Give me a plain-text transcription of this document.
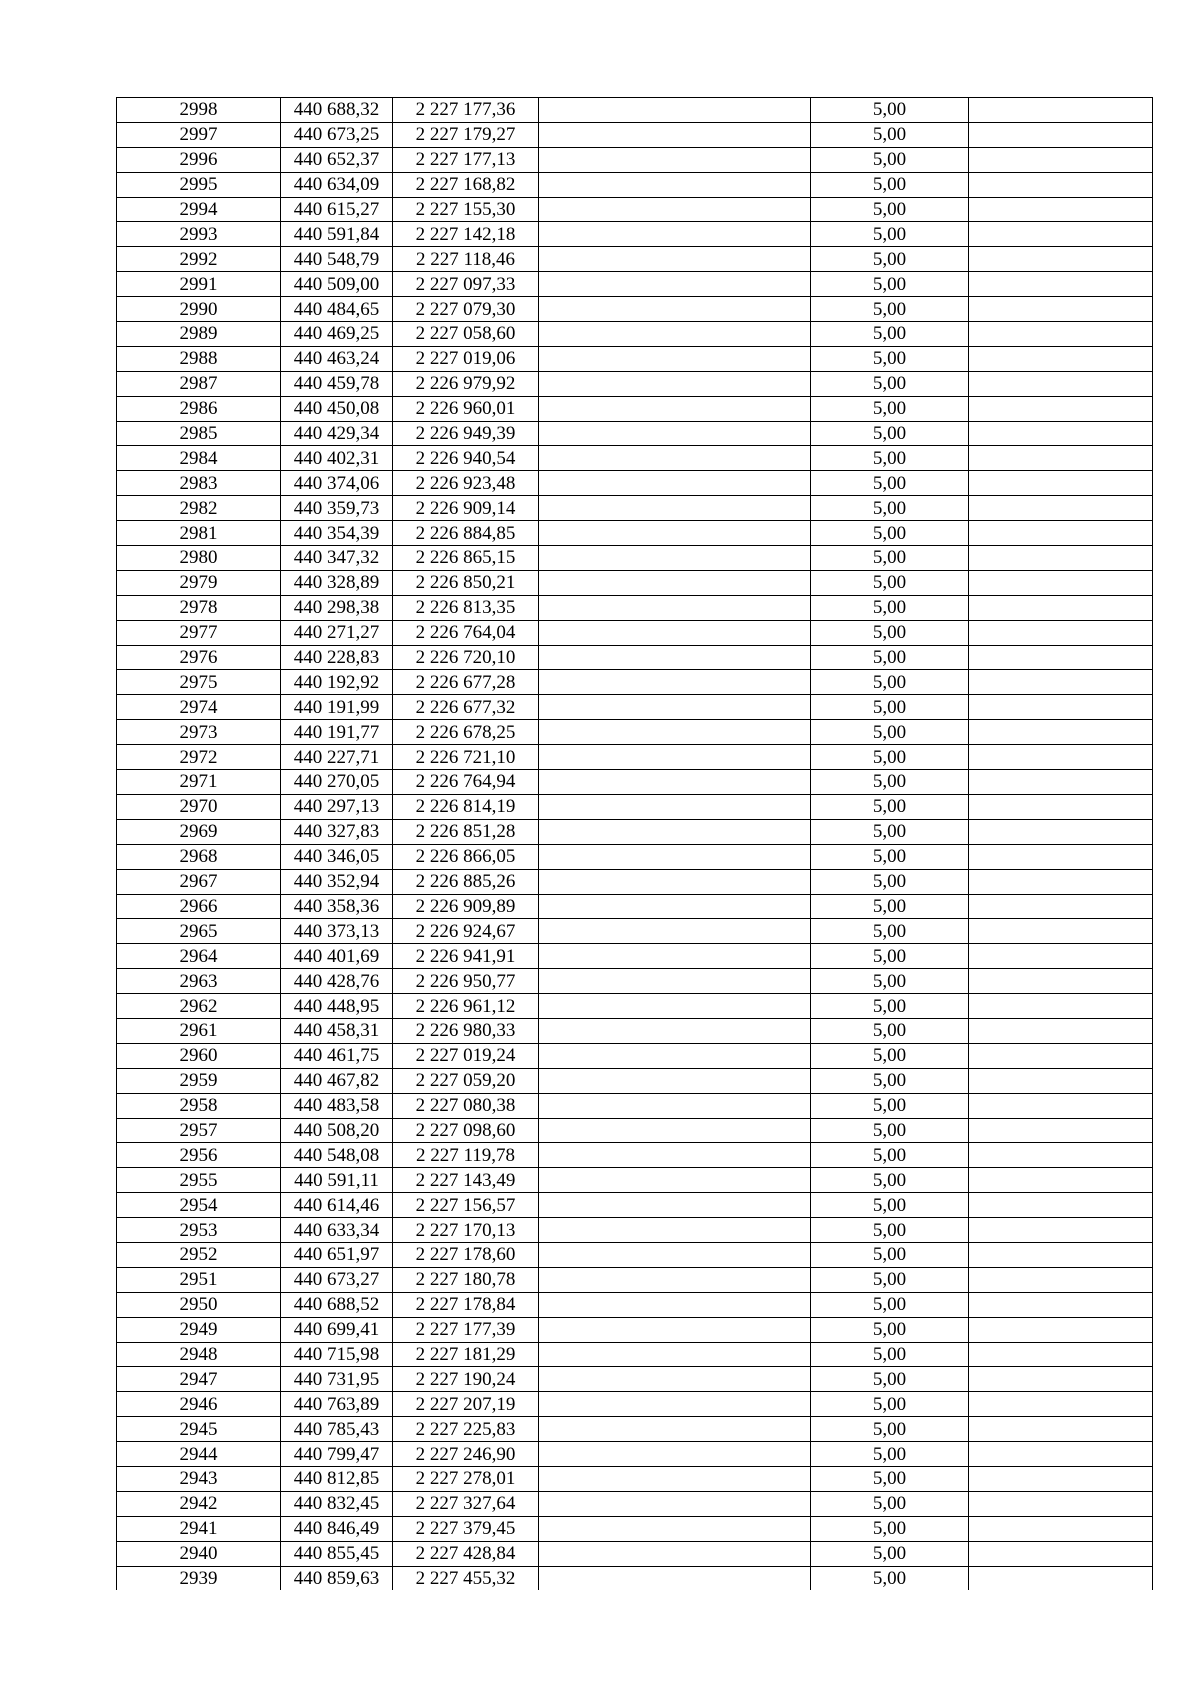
2998	440 688,32	2 227 177,36		5,00	
2997	440 673,25	2 227 179,27		5,00	
2996	440 652,37	2 227 177,13		5,00	
2995	440 634,09	2 227 168,82		5,00	
2994	440 615,27	2 227 155,30		5,00	
2993	440 591,84	2 227 142,18		5,00	
2992	440 548,79	2 227 118,46		5,00	
2991	440 509,00	2 227 097,33		5,00	
2990	440 484,65	2 227 079,30		5,00	
2989	440 469,25	2 227 058,60		5,00	
2988	440 463,24	2 227 019,06		5,00	
2987	440 459,78	2 226 979,92		5,00	
2986	440 450,08	2 226 960,01		5,00	
2985	440 429,34	2 226 949,39		5,00	
2984	440 402,31	2 226 940,54		5,00	
2983	440 374,06	2 226 923,48		5,00	
2982	440 359,73	2 226 909,14		5,00	
2981	440 354,39	2 226 884,85		5,00	
2980	440 347,32	2 226 865,15		5,00	
2979	440 328,89	2 226 850,21		5,00	
2978	440 298,38	2 226 813,35		5,00	
2977	440 271,27	2 226 764,04		5,00	
2976	440 228,83	2 226 720,10		5,00	
2975	440 192,92	2 226 677,28		5,00	
2974	440 191,99	2 226 677,32		5,00	
2973	440 191,77	2 226 678,25		5,00	
2972	440 227,71	2 226 721,10		5,00	
2971	440 270,05	2 226 764,94		5,00	
2970	440 297,13	2 226 814,19		5,00	
2969	440 327,83	2 226 851,28		5,00	
2968	440 346,05	2 226 866,05		5,00	
2967	440 352,94	2 226 885,26		5,00	
2966	440 358,36	2 226 909,89		5,00	
2965	440 373,13	2 226 924,67		5,00	
2964	440 401,69	2 226 941,91		5,00	
2963	440 428,76	2 226 950,77		5,00	
2962	440 448,95	2 226 961,12		5,00	
2961	440 458,31	2 226 980,33		5,00	
2960	440 461,75	2 227 019,24		5,00	
2959	440 467,82	2 227 059,20		5,00	
2958	440 483,58	2 227 080,38		5,00	
2957	440 508,20	2 227 098,60		5,00	
2956	440 548,08	2 227 119,78		5,00	
2955	440 591,11	2 227 143,49		5,00	
2954	440 614,46	2 227 156,57		5,00	
2953	440 633,34	2 227 170,13		5,00	
2952	440 651,97	2 227 178,60		5,00	
2951	440 673,27	2 227 180,78		5,00	
2950	440 688,52	2 227 178,84		5,00	
2949	440 699,41	2 227 177,39		5,00	
2948	440 715,98	2 227 181,29		5,00	
2947	440 731,95	2 227 190,24		5,00	
2946	440 763,89	2 227 207,19		5,00	
2945	440 785,43	2 227 225,83		5,00	
2944	440 799,47	2 227 246,90		5,00	
2943	440 812,85	2 227 278,01		5,00	
2942	440 832,45	2 227 327,64		5,00	
2941	440 846,49	2 227 379,45		5,00	
2940	440 855,45	2 227 428,84		5,00	
2939	440 859,63	2 227 455,32		5,00	
